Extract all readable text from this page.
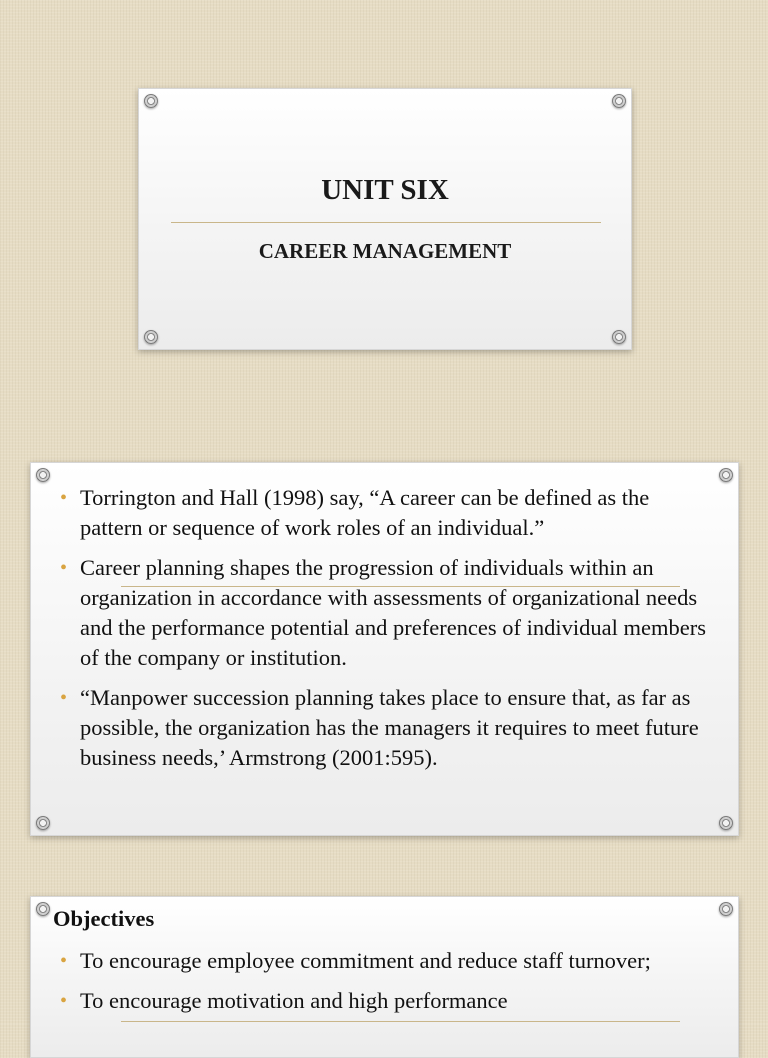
UNIT SIX
CAREER MANAGEMENT
• Torrington and Hall (1998) say, “A career can be defined as the pattern or sequence of work roles of an individual.”
• Career planning shapes the progression of individuals within an organization in accordance with assessments of organizational needs and the performance potential and preferences of individual members of the company or institution.
• “Manpower succession planning takes place to ensure that, as far as possible, the organization has the managers it requires to meet future business needs,’ Armstrong (2001:595).
Objectives
• To encourage employee commitment and reduce staff turnover;
• To encourage motivation and high performance
